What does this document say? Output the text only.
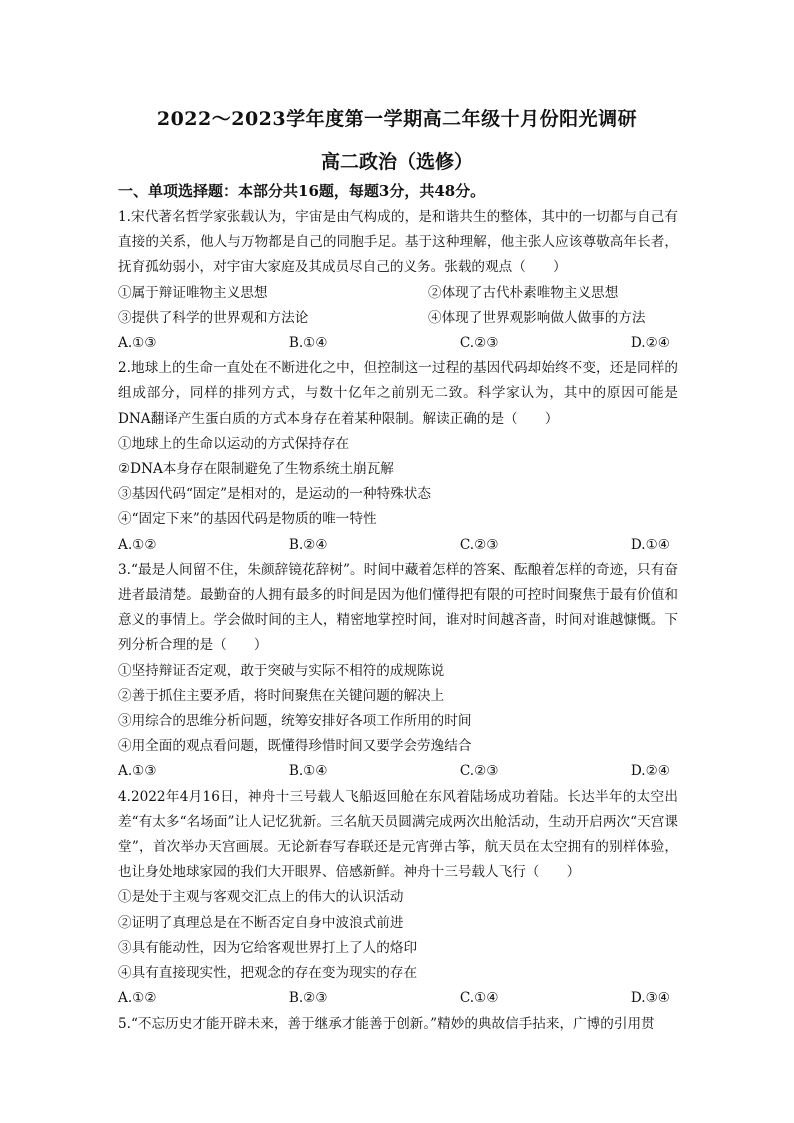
2022～2023学年度第一学期高二年级十月份阳光调研
高二政治（选修）
一、单项选择题：本部分共16题，每题3分，共48分。

1.宋代著名哲学家张载认为，宇宙是由气构成的，是和谐共生的整体，其中的一切都与自己有直接的关系，他人与万物都是自己的同胞手足。基于这种理解，他主张人应该尊敬高年长者，抚育孤幼弱小，对宇宙大家庭及其成员尽自己的义务。张载的观点（　　）

①属于辩证唯物主义思想	②体现了古代朴素唯物主义思想
③提供了科学的世界观和方法论	④体现了世界观影响做人做事的方法
A.①③	B.①④	C.②③	D.②④

2.地球上的生命一直处在不断进化之中，但控制这一过程的基因代码却始终不变，还是同样的组成部分，同样的排列方式，与数十亿年之前别无二致。科学家认为，其中的原因可能是DNA翻译产生蛋白质的方式本身存在着某种限制。解读正确的是（　　）

①地球上的生命以运动的方式保持存在

②DNA本身存在限制避免了生物系统土崩瓦解

③基因代码“固定”是相对的，是运动的一种特殊状态

④“固定下来”的基因代码是物质的唯一特性

A.①②	B.②④	C.②③	D.①④

3.“最是人间留不住，朱颜辞镜花辞树”。时间中藏着怎样的答案、酝酿着怎样的奇迹，只有奋进者最清楚。最勤奋的人拥有最多的时间是因为他们懂得把有限的可控时间聚焦于最有价值和意义的事情上。学会做时间的主人，精密地掌控时间，谁对时间越吝啬，时间对谁越慷慨。下列分析合理的是（　　）

①坚持辩证否定观，敢于突破与实际不相符的成规陈说

②善于抓住主要矛盾，将时间聚焦在关键问题的解决上

③用综合的思维分析问题，统筹安排好各项工作所用的时间

④用全面的观点看问题，既懂得珍惜时间又要学会劳逸结合

A.①③	B.①④	C.②③	D.②④

4.2022年4月16日，神舟十三号载人飞船返回舱在东风着陆场成功着陆。长达半年的太空出差“有太多“名场面”让人记忆犹新。三名航天员圆满完成两次出舱活动，生动开启两次“天宫课堂”，首次举办天宫画展。无论新春写春联还是元宵弹古筝，航天员在太空拥有的别样体验，也让身处地球家园的我们大开眼界、倍感新鲜。神舟十三号载人飞行（　　）

①是处于主观与客观交汇点上的伟大的认识活动

②证明了真理总是在不断否定自身中波浪式前进

③具有能动性，因为它给客观世界打上了人的烙印

④具有直接现实性，把观念的存在变为现实的存在

A.①②	B.②③	C.①④	D.③④

5.“不忘历史才能开辟未来，善于继承才能善于创新。”精妙的典故信手拈来，广博的引用贯
